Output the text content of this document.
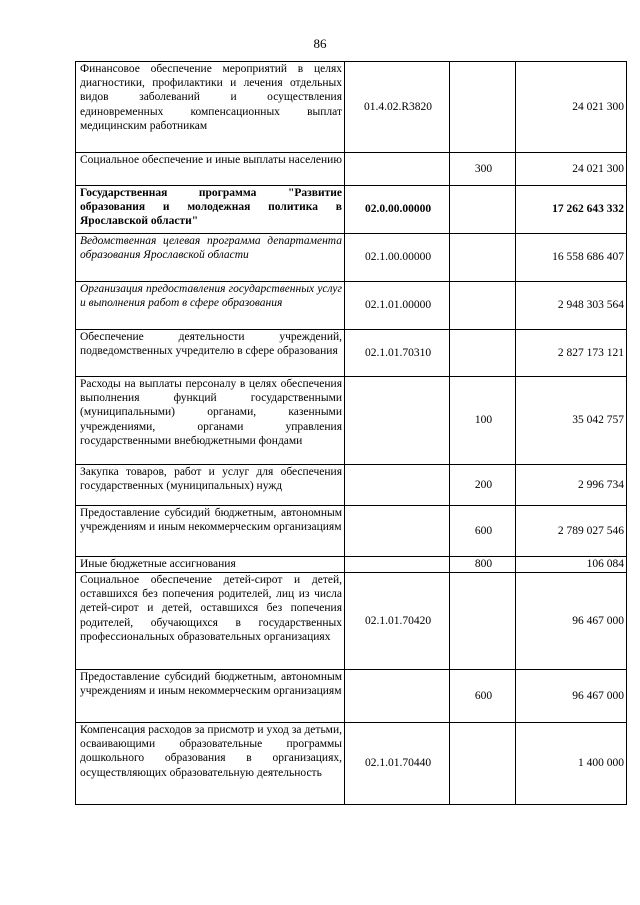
86
Финансовое обеспечение мероприятий в целях диагностики, профилактики и лечения отдельных видов заболеваний и осуществления единовременных компенсационных выплат медицинским работникам	01.4.02.R3820		24 021 300
Социальное обеспечение и иные выплаты населению		300	24 021 300
Государственная программа "Развитие образования и молодежная политика в Ярославской области"	02.0.00.00000		17 262 643 332
Ведомственная целевая программа департамента образования Ярославской области	02.1.00.00000		16 558 686 407
Организация предоставления государственных услуг и выполнения работ в сфере образования	02.1.01.00000		2 948 303 564
Обеспечение деятельности учреждений, подведомственных учредителю в сфере образования	02.1.01.70310		2 827 173 121
Расходы на выплаты персоналу в целях обеспечения выполнения функций государственными (муниципальными) органами, казенными учреждениями, органами управления государственными внебюджетными фондами		100	35 042 757
Закупка товаров, работ и услуг для обеспечения государственных (муниципальных) нужд		200	2 996 734
Предоставление субсидий бюджетным, автономным учреждениям и иным некоммерческим организациям		600	2 789 027 546
Иные бюджетные ассигнования		800	106 084
Социальное обеспечение детей-сирот и детей, оставшихся без попечения родителей, лиц из числа детей-сирот и детей, оставшихся без попечения родителей, обучающихся в государственных профессиональных образовательных организациях	02.1.01.70420		96 467 000
Предоставление субсидий бюджетным, автономным учреждениям и иным некоммерческим организациям		600	96 467 000
Компенсация расходов за присмотр и уход за детьми, осваивающими образовательные программы дошкольного образования в организациях, осуществляющих образовательную деятельность	02.1.01.70440		1 400 000
